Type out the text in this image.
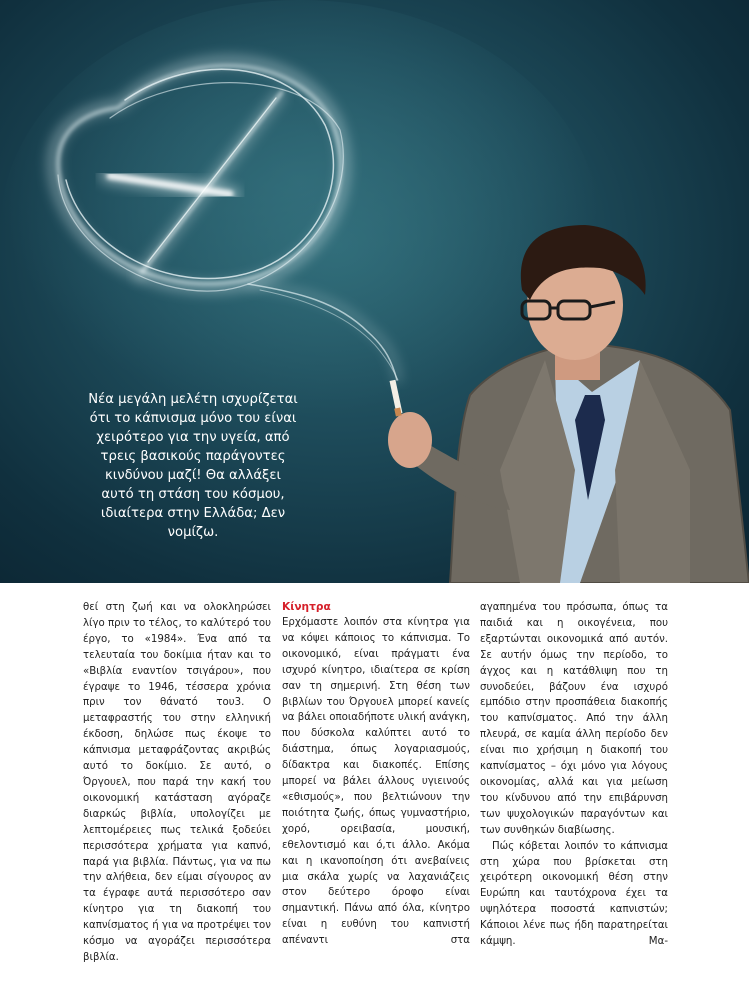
Νέα μεγάλη μελέτη ισχυρίζεται ότι το κάπνισμα μόνο του είναι χειρότερο για την υγεία, από τρεις βασικούς παράγοντες κινδύνου μαζί! Θα αλλάξει αυτό τη στάση του κόσμου, ιδιαίτερα στην Ελλάδα; Δεν νομίζω.

θεί στη ζωή και να ολοκληρώσει λίγο πριν το τέλος, το καλύτερό του έργο, το «1984». Ένα από τα τελευταία του δοκίμια ήταν και το «Βιβλία εναντίον τσιγάρου», που έγραψε το 1946, τέσσερα χρόνια πριν τον θάνατό του3. Ο μεταφραστής του στην ελληνική έκδοση, δηλώσε πως έκοψε το κάπνισμα μεταφράζοντας ακριβώς αυτό το δοκίμιο. Σε αυτό, ο Όργουελ, που παρά την κακή του οικονομική κατάσταση αγόραζε διαρκώς βιβλία, υπολογίζει με λεπτομέρειες πως τελικά ξοδεύει περισσότερα χρήματα για καπνό, παρά για βιβλία. Πάντως, για να πω την αλήθεια, δεν είμαι σίγουρος αν τα έγραφε αυτά περισσότερο σαν κίνητρο για τη διακοπή του καπνίσματος ή για να προτρέψει τον κόσμο να αγοράζει περισσότερα βιβλία.

Κίνητρα

Ερχόμαστε λοιπόν στα κίνητρα για να κόψει κάποιος το κάπνισμα. Το οικονομικό, είναι πράγματι ένα ισχυρό κίνητρο, ιδιαίτερα σε κρίση σαν τη σημερινή. Στη θέση των βιβλίων του Όργουελ μπορεί κανείς να βάλει οποιαδήποτε υλική ανάγκη, που δύσκολα καλύπτει αυτό το διάστημα, όπως λογαριασμούς, δίδακτρα και διακοπές. Επίσης μπορεί να βάλει άλλους υγιεινούς «εθισμούς», που βελτιώνουν την ποιότητα ζωής, όπως γυμναστήριο, χορό, ορειβασία, μουσική, εθελοντισμό και ό,τι άλλο. Ακόμα και η ικανοποίηση ότι ανεβαίνεις μια σκάλα χωρίς να λαχανιάζεις στον δεύτερο όροφο είναι σημαντική. Πάνω από όλα, κίνητρο είναι η ευθύνη του καπνιστή απέναντι στα

αγαπημένα του πρόσωπα, όπως τα παιδιά και η οικογένεια, που εξαρτώνται οικονομικά από αυτόν. Σε αυτήν όμως την περίοδο, το άγχος και η κατάθλιψη που τη συνοδεύει, βάζουν ένα ισχυρό εμπόδιο στην προσπάθεια διακοπής του καπνίσματος. Από την άλλη πλευρά, σε καμία άλλη περίοδο δεν είναι πιο χρήσιμη η διακοπή του καπνίσματος – όχι μόνο για λόγους οικονομίας, αλλά και για μείωση του κίνδυνου από την επιβάρυνση των ψυχολογικών παραγόντων και των συνθηκών διαβίωσης.

Πώς κόβεται λοιπόν το κάπνισμα στη χώρα που βρίσκεται στη χειρότερη οικονομική θέση στην Ευρώπη και ταυτόχρονα έχει τα υψηλότερα ποσοστά καπνιστών; Κάποιοι λένε πως ήδη παρατηρείται κάμψη. Μα-
